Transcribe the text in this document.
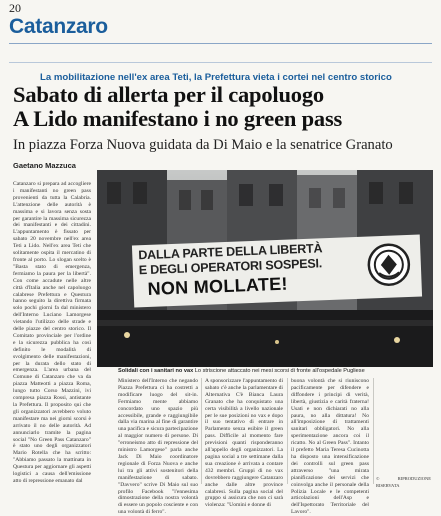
20
Catanzaro
La mobilitazione nell'ex area Teti, la Prefettura vieta i cortei nel centro storico
Sabato di allerta per il capoluogo
A Lido manifestano i no green pass
In piazza Forza Nuova guidata da Di Maio e la senatrice Granato
Gaetano Mazzuca
Catanzaro si prepara ad accogliere i manifestanti no green pass provenienti da tutta la Calabria. L'attenzione delle autorità è massima e si lavora senza sosta per garantire la massima sicurezza dei manifestanti e dei cittadini. L'appuntamento è fissato per sabato 20 novembre nell'ex area Teti a Lido. Nell'ex area Teti che solitamente ospita il mercatino di fronte al porto. Lo slogan scelto è "Basta stato di emergenza, fermiamo la paura per la libertà". Con come accadute nelle altre città d'Italia anche nel capoluogo calabrese Prefettura e Questura hanno seguito la direttiva firmata solo pochi giorni fa dal ministero dell'Interno Luciano Lamorgese vietando l'utilizzo delle strade e delle piazze del centro storico. Il Comitato provinciale per l'ordine e la sicurezza pubblica ha così definito le modalità di svolgimento delle manifestazioni, per la durata dello stato di emergenza. L'area urbana del Comune di Catanzaro che va da piazza Matteotti a piazza Roma, lungo tutto Corso Mazzini, ivi compresa piazza Rossi, antistante la Prefettura. Il proposito qui che gli organizzatori avrebbero voluto manifestare ma nei giorni scorsi è arrivato il no delle autorità. Ad annunciarlo tramite la pagina social "No Green Pass Catanzaro" è stato uno degli organizzatori Mario Rotella che ha scritto: "Abbiamo passato la mattinata in Questura per aggiornare gli aspetti logistici a causa dell'emissione atto di repressione emanato dal
DALLA PARTE DELLA LIBERTÀ
E DEGLI OPERATORI SOSPESI.
NON MOLLATE!
Solidali con i sanitari no vax Lo striscione attaccato nei mesi scorsi di fronte all'ospedale Pugliese
Ministero dell'Interno che negando Piazza Prefettura ci ha costretti a modificare luogo del sit-in. Fermiamo mente abbiamo concordato uno spazio più accessibile, grande e raggiungibile dalla via marina al fine di garantire una pacifica e sicura partecipazione al maggior numero di persone. Di "erroneismo atto di repressione del ministro Lamorgese" parla anche Jack Di Maio coordinatore regionale di Forza Nuova e anche lui tra gli attivi sostenitori della manifestazione di sabato. "Davvero" scrive Di Maio sul suo profilo Facebook "l'ennesima dimostrazione della nostra volontà di essere un popolo cosciente e con una volontà di ferro".
A sponsorizzare l'appuntamento di sabato c'è anche la parlamentare di Alternativa C'è Bianca Laura Granato che ha conquistato una certa visibilità a livello nazionale per le sue posizioni no vax e dopo il suo tentativo di entrare in Parlamento senza esibire il green pass. Difficile al momento fare previsioni quanti risponderanno all'appello degli organizzatori. La pagina social a tre settimane dalla sua creazione è arrivata a contare 432 membri. Gruppi di no vax dovrebbero raggiungere Catanzaro anche dalle altre province calabresi. Sulla pagina social del gruppo si assicura che non ci sarà violenza: "Uomini e donne di
buona volontà che si riuniscono pacificamente per difendere e diffondere i principi di verità, libertà, giustizia e carità fraterna! Usati e non dichiarati no alla paura, no alla dittatura! No all'imposizione di trattamenti sanitari obbligatori. No alla sperimentazione ancora coi il ricatto. No al Green Pass". Intanto il prefetto Maria Teresa Cucinotta ha disposto una intensificazione dei controlli sul green pass attraverso "una mirata pianificazione dei servizi che coinvolga anche il personale della Polizia Locale e le competenti articolazioni dell'Asp e dell'Ispettorato Territoriale del Lavoro".
© RIPRODUZIONE RISERVATA
